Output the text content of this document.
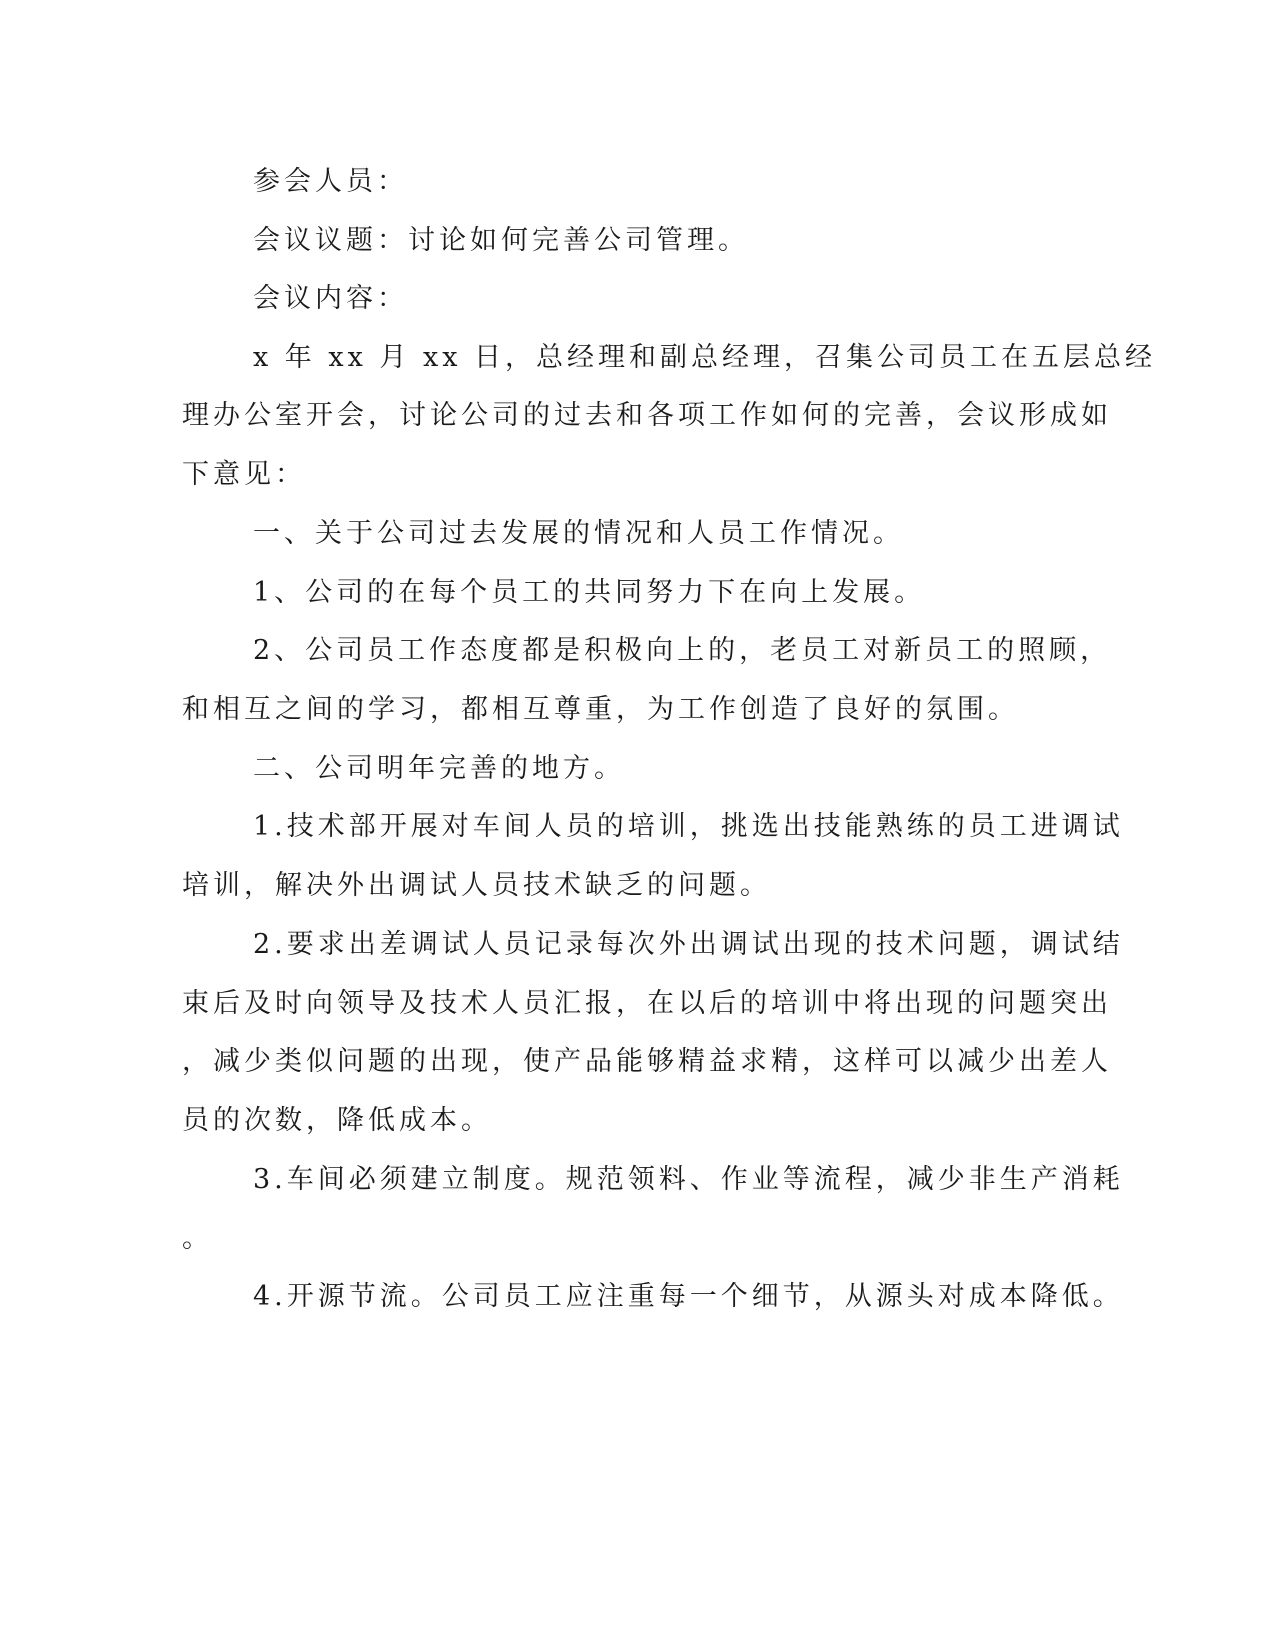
参会人员：

会议议题：讨论如何完善公司管理。

会议内容：

x 年 xx 月 xx 日，总经理和副总经理，召集公司员工在五层总经

理办公室开会，讨论公司的过去和各项工作如何的完善，会议形成如

下意见：

一、关于公司过去发展的情况和人员工作情况。

1、公司的在每个员工的共同努力下在向上发展。

2、公司员工作态度都是积极向上的，老员工对新员工的照顾，

和相互之间的学习，都相互尊重，为工作创造了良好的氛围。

二、公司明年完善的地方。

1.技术部开展对车间人员的培训，挑选出技能熟练的员工进调试

培训，解决外出调试人员技术缺乏的问题。

2.要求出差调试人员记录每次外出调试出现的技术问题，调试结

束后及时向领导及技术人员汇报，在以后的培训中将出现的问题突出

，减少类似问题的出现，使产品能够精益求精，这样可以减少出差人

员的次数，降低成本。

3.车间必须建立制度。规范领料、作业等流程，减少非生产消耗

。

4.开源节流。公司员工应注重每一个细节，从源头对成本降低。
